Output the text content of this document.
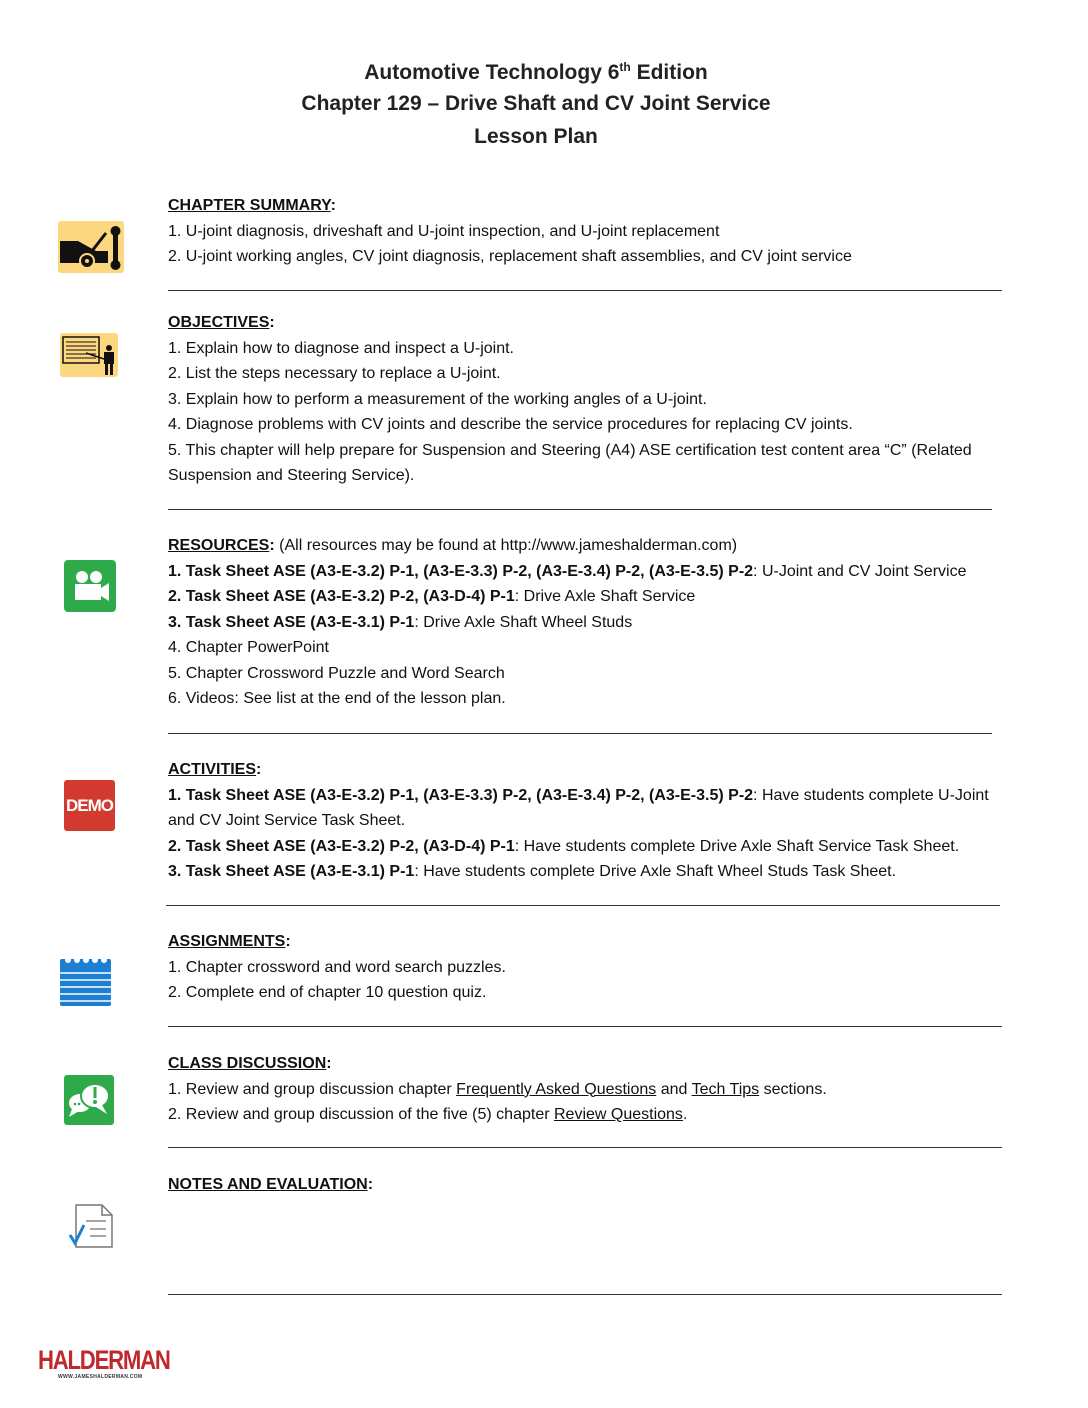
Automotive Technology 6th Edition
Chapter 129 – Drive Shaft and CV Joint Service
Lesson Plan
CHAPTER SUMMARY:
1. U-joint diagnosis, driveshaft and U-joint inspection, and U-joint replacement
2. U-joint working angles, CV joint diagnosis, replacement shaft assemblies, and CV joint service
OBJECTIVES:
1. Explain how to diagnose and inspect a U-joint.
2. List the steps necessary to replace a U-joint.
3. Explain how to perform a measurement of the working angles of a U-joint.
4. Diagnose problems with CV joints and describe the service procedures for replacing CV joints.
5. This chapter will help prepare for Suspension and Steering (A4) ASE certification test content area “C” (Related Suspension and Steering Service).
RESOURCES: (All resources may be found at http://www.jameshalderman.com)
1. Task Sheet ASE (A3-E-3.2) P-1, (A3-E-3.3) P-2, (A3-E-3.4) P-2, (A3-E-3.5) P-2: U-Joint and CV Joint Service
2. Task Sheet ASE (A3-E-3.2) P-2, (A3-D-4) P-1: Drive Axle Shaft Service
3. Task Sheet ASE (A3-E-3.1) P-1: Drive Axle Shaft Wheel Studs
4. Chapter PowerPoint
5. Chapter Crossword Puzzle and Word Search
6. Videos: See list at the end of the lesson plan.
DEMO
ACTIVITIES:
1. Task Sheet ASE (A3-E-3.2) P-1, (A3-E-3.3) P-2, (A3-E-3.4) P-2, (A3-E-3.5) P-2: Have students complete U-Joint and CV Joint Service Task Sheet.
2. Task Sheet ASE (A3-E-3.2) P-2, (A3-D-4) P-1: Have students complete Drive Axle Shaft Service Task Sheet.
3. Task Sheet ASE (A3-E-3.1) P-1: Have students complete Drive Axle Shaft Wheel Studs Task Sheet.
ASSIGNMENTS:
1. Chapter crossword and word search puzzles.
2. Complete end of chapter 10 question quiz.
CLASS DISCUSSION:
1. Review and group discussion chapter Frequently Asked Questions and Tech Tips sections.
2. Review and group discussion of the five (5) chapter Review Questions.
NOTES AND EVALUATION:
HALDERMAN
WWW.JAMESHALDERMAN.COM
